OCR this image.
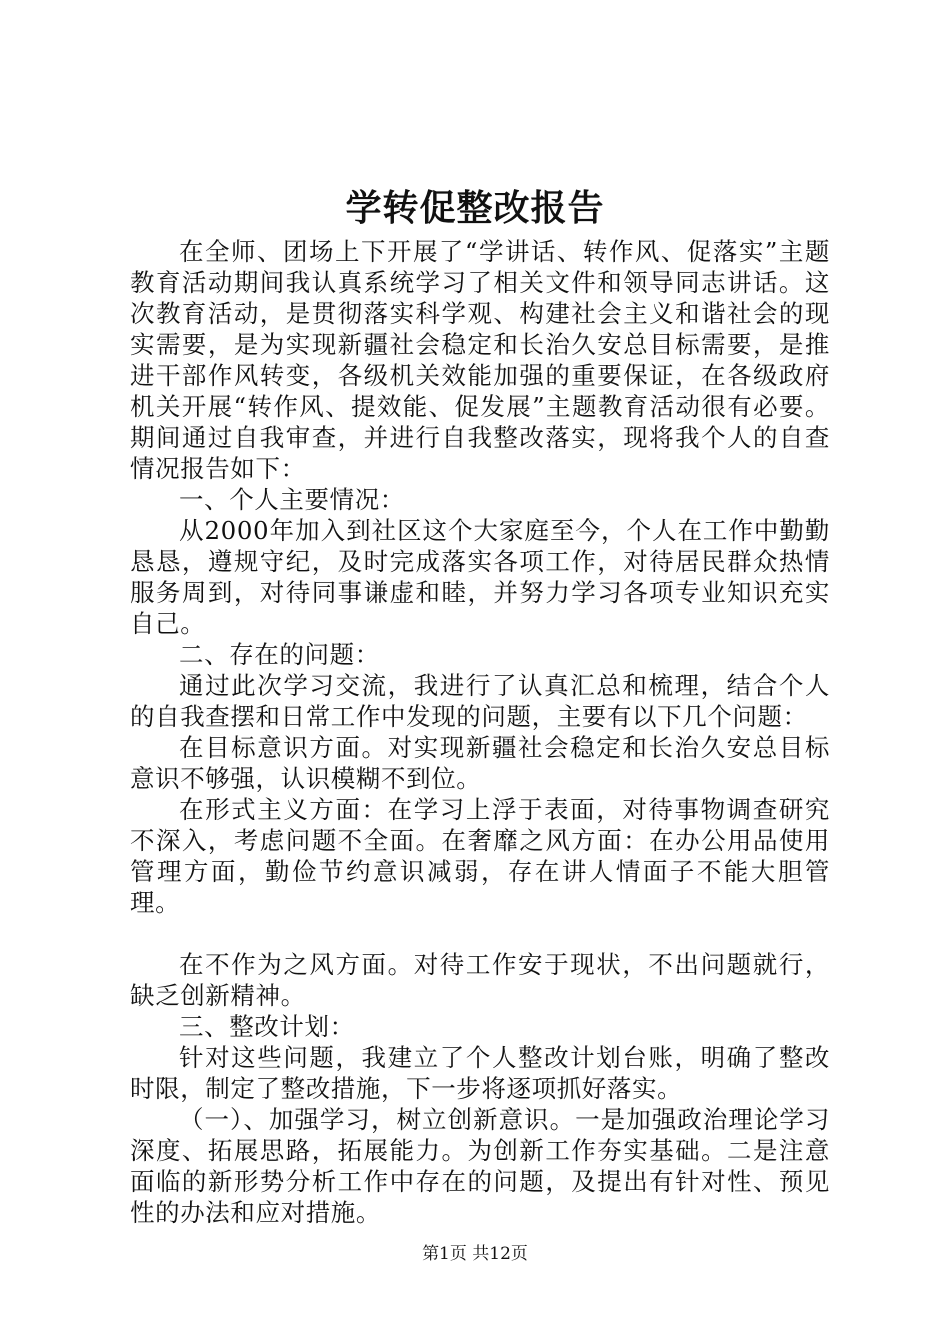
学转促整改报告

在全师、团场上下开展了“学讲话、转作风、促落实”主题教育活动期间我认真系统学习了相关文件和领导同志讲话。这次教育活动，是贯彻落实科学观、构建社会主义和谐社会的现实需要，是为实现新疆社会稳定和长治久安总目标需要，是推进干部作风转变，各级机关效能加强的重要保证，在各级政府机关开展“转作风、提效能、促发展”主题教育活动很有必要。期间通过自我审查，并进行自我整改落实，现将我个人的自查情况报告如下：

一、个人主要情况：

从2000年加入到社区这个大家庭至今，个人在工作中勤勤恳恳，遵规守纪，及时完成落实各项工作，对待居民群众热情服务周到，对待同事谦虚和睦，并努力学习各项专业知识充实自己。

二、存在的问题：

通过此次学习交流，我进行了认真汇总和梳理，结合个人的自我查摆和日常工作中发现的问题，主要有以下几个问题：

在目标意识方面。对实现新疆社会稳定和长治久安总目标意识不够强，认识模糊不到位。

在形式主义方面：在学习上浮于表面，对待事物调查研究不深入，考虑问题不全面。在奢靡之风方面：在办公用品使用管理方面，勤俭节约意识减弱，存在讲人情面子不能大胆管理。

在不作为之风方面。对待工作安于现状，不出问题就行，缺乏创新精神。

三、整改计划：

针对这些问题，我建立了个人整改计划台账，明确了整改时限，制定了整改措施，下一步将逐项抓好落实。

（一）、加强学习，树立创新意识。一是加强政治理论学习深度、拓展思路，拓展能力。为创新工作夯实基础。二是注意面临的新形势分析工作中存在的问题，及提出有针对性、预见性的办法和应对措施。

第1页 共12页
